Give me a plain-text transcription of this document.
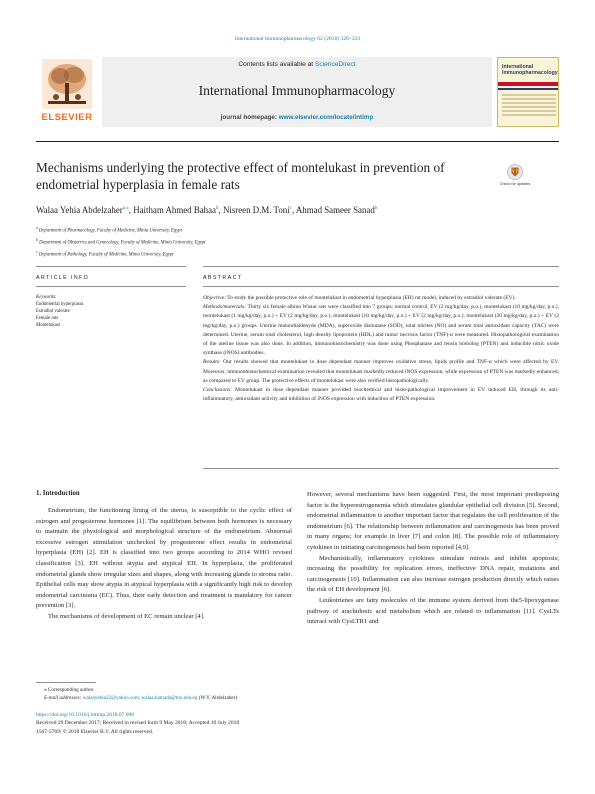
International Immunopharmacology 62 (2018) 326–333
ELSEVIER
Contents lists available at ScienceDirect
International Immunopharmacology
journal homepage: www.elsevier.com/locate/intimp
International Immunopharmacology
Mechanisms underlying the protective effect of montelukast in prevention of endometrial hyperplasia in female rats	Check for updates
Walaa Yehia Abdelzaher$^{a,⁎}$, Haitham Ahmed Bahaa$^b$, Nisreen D.M. Toni$^c$, Ahmad Sameer Sanad$^b$
$^a$ Department of Pharmacology, Faculty of Medicine, Minia University, Egypt
$^b$ Department of Obstetrics and Gynecology, Faculty of Medicine, Minia University, Egypt
$^c$ Department of Pathology, Faculty of Medicine, Minia University, Egypt
ARTICLE INFO	ABSTRACT
Keywords:
Endometrial hyperplasia
Estradiol valerate
Female rats
Montelukast

Objective: To study the possible protective role of montelukast in endometrial hyperplasia (EH) rat model, induced by estradiol valerate (EV).

Methods/materials: Thirty six female albino Wistar rats were classified into 7 groups: normal control, EV (2 mg/kg/day, p.o.), montelukast (10 mg/kg/day, p.o.), montelukast (1 mg/kg/day, p.o.) + EV (2 mg/kg/day, p.o.), montelukast (10 mg/kg/day, p.o.) + EV (2 mg/kg/day, p.o.), montelukast (20 mg/kg/day, p.o.) + EV (2 mg/kg/day, p.o.) groups. Uterine malondialdehyde (MDA), superoxide dismutase (SOD), total nitrites (NO) and serum total antioxidant capacity (TAC) were determined. Uterine, serum total cholesterol, high density lipoprotein (HDL) and tumor necrosis factor (TNF)-α were measured. Histopathological examination of the uterine tissue was also done. In addition, immunohistochemistry was done using Phosphatase and tensin homolog (PTEN) and inducible nitric oxide synthase (iNOS) antibodies.

Results: Our results showed that montelukast in dose dependant manner improves oxidative stress, lipids profile and TNF-α which were affected by EV. Moreover, immunohistochemical examination revealed that montelukast markedly reduced iNOS expression, while expression of PTEN was markedly enhanced, as compared to EV group. The protective effects of montelukast were also verified histopathologically.

Conclusions: Montelukast in dose dependant manner provided biochemical and histo-pathological improvement in EV induced EH, through its anti-inflammatory, antioxidant activity and inhibition of iNOS expression with induction of PTEN expression.

1. Introduction

Endometrium, the functioning lining of the uterus, is susceptible to the cyclic effect of estrogen and progesterone hormones [1]. The equilibrium between both hormones is necessary to maintain the physiological and morphological structure of the endometrium. Abnormal excessive estrogen stimulation unchecked by progesterone effect results in endometrial hyperplasia (EH) [2]. EH is classified into two groups according to 2014 WHO revised classification [3]. EH without atypia and atypical EH. In hyperplasia, the proliferated endometrial glands show irregular sizes and shapes, along with increasing glands to stroma ratio. Epithelial cells may show atypia in atypical hyperplasia with a significantly high risk to develop endometrial carcinoma (EC). Thus, their early detection and treatment is mandatory for cancer prevention [3].

The mechanisms of development of EC remain unclear [4].

However, several mechanisms have been suggested. First, the most important predisposing factor is the hyperestrogenemia which stimulates glandular epithelial cell division [5]. Second, endometrial inflammation is another important factor that regulates the cell proliferation of the endometrium [6]. The relationship between inflammation and carcinogenesis has been proved in many organs; for example in liver [7] and colon [8]. The possible role of inflammatory cytokines in initiating carcinogenesis had been reported [4,9].

Mechanistically, inflammatory cytokines stimulate mitosis and inhibit apoptosis; increasing the possibility for replication errors, ineffective DNA repair, mutations and carcinogenesis [10]. Inflammation can also increase estrogen production directly which raises the risk of EH development [6].

Leukotrienes are fatty molecules of the immune system derived from the5-lipoxygenase pathway of arachidonic acid metabolism which are related to inflammation [11]. CysLTs interact with CysLTR1 and

⁎ Corresponding author.
E-mail addresses: walaayehia22@yahoo.com, walaa.hamada@mu.edu.eg (W.Y. Abdelzaher).
https://doi.org/10.1016/j.intimp.2018.07.008
Received 29 December 2017; Received in revised form 9 May 2018; Accepted 10 July 2018
1567-5769/ © 2018 Elsevier B.V. All rights reserved.
